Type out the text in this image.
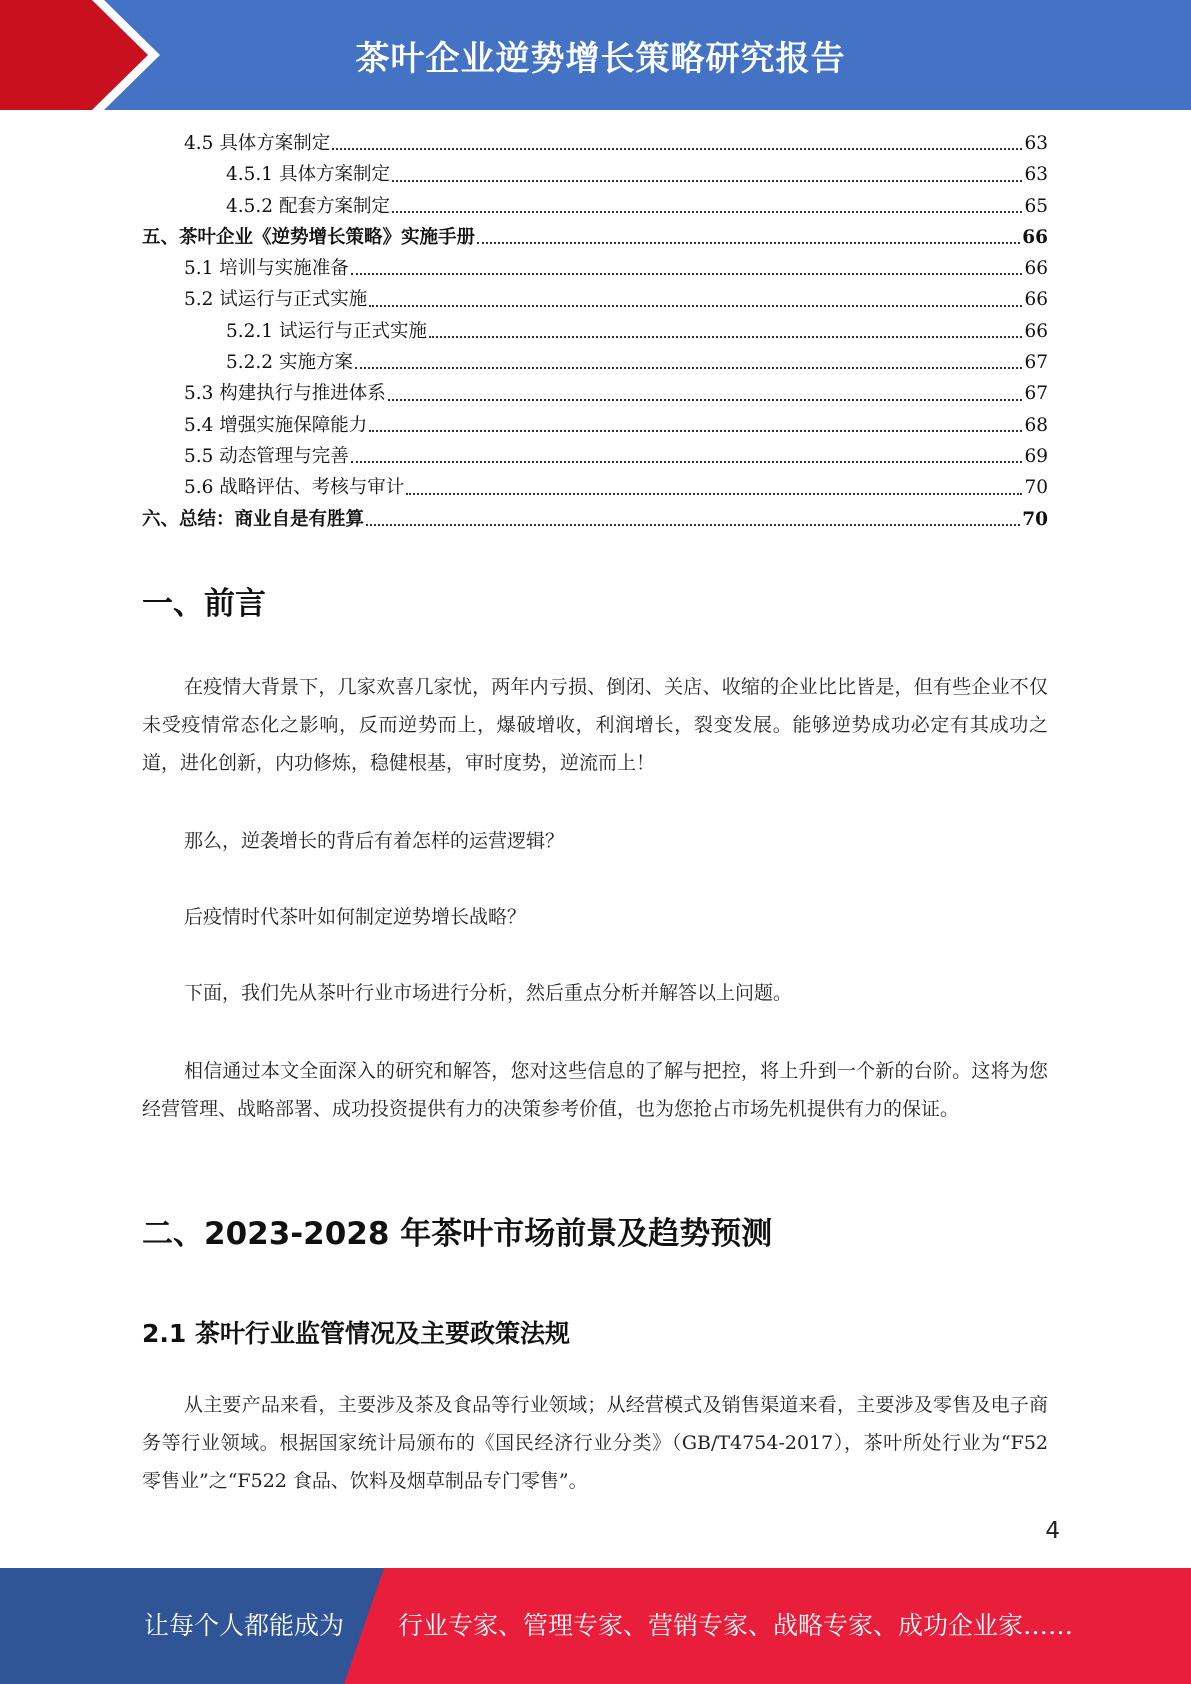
茶叶企业逆势增长策略研究报告
4.5 具体方案制定	63
4.5.1 具体方案制定	63
4.5.2 配套方案制定	65
五、茶叶企业《逆势增长策略》实施手册	66
5.1 培训与实施准备	66
5.2 试运行与正式实施	66
5.2.1 试运行与正式实施	66
5.2.2 实施方案	67
5.3 构建执行与推进体系	67
5.4 增强实施保障能力	68
5.5 动态管理与完善	69
5.6 战略评估、考核与审计	70
六、总结：商业自是有胜算	70
一、前言

在疫情大背景下，几家欢喜几家忧，两年内亏损、倒闭、关店、收缩的企业比比皆是，但有些企业不仅未受疫情常态化之影响，反而逆势而上，爆破增收，利润增长，裂变发展。能够逆势成功必定有其成功之道，进化创新，内功修炼，稳健根基，审时度势，逆流而上！

那么，逆袭增长的背后有着怎样的运营逻辑？

后疫情时代茶叶如何制定逆势增长战略？

下面，我们先从茶叶行业市场进行分析，然后重点分析并解答以上问题。

相信通过本文全面深入的研究和解答，您对这些信息的了解与把控，将上升到一个新的台阶。这将为您经营管理、战略部署、成功投资提供有力的决策参考价值，也为您抢占市场先机提供有力的保证。

二、2023-2028 年茶叶市场前景及趋势预测
2.1 茶叶行业监管情况及主要政策法规

从主要产品来看，主要涉及茶及食品等行业领域；从经营模式及销售渠道来看，主要涉及零售及电子商务等行业领域。根据国家统计局颁布的《国民经济行业分类》（GB/T4754-2017），茶叶所处行业为“F52 零售业”之“F522 食品、饮料及烟草制品专门零售”。

4
让每个人都能成为 行业专家、管理专家、营销专家、战略专家、成功企业家……
